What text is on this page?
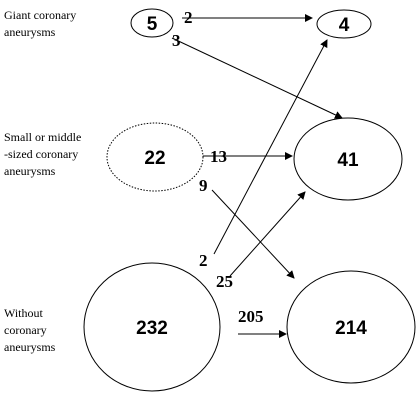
Giant coronary aneurysms
Small or middle -sized coronary aneurysms
Without coronary aneurysms
5	4
22	41
232	214
2
3
13
9
2
25
205
